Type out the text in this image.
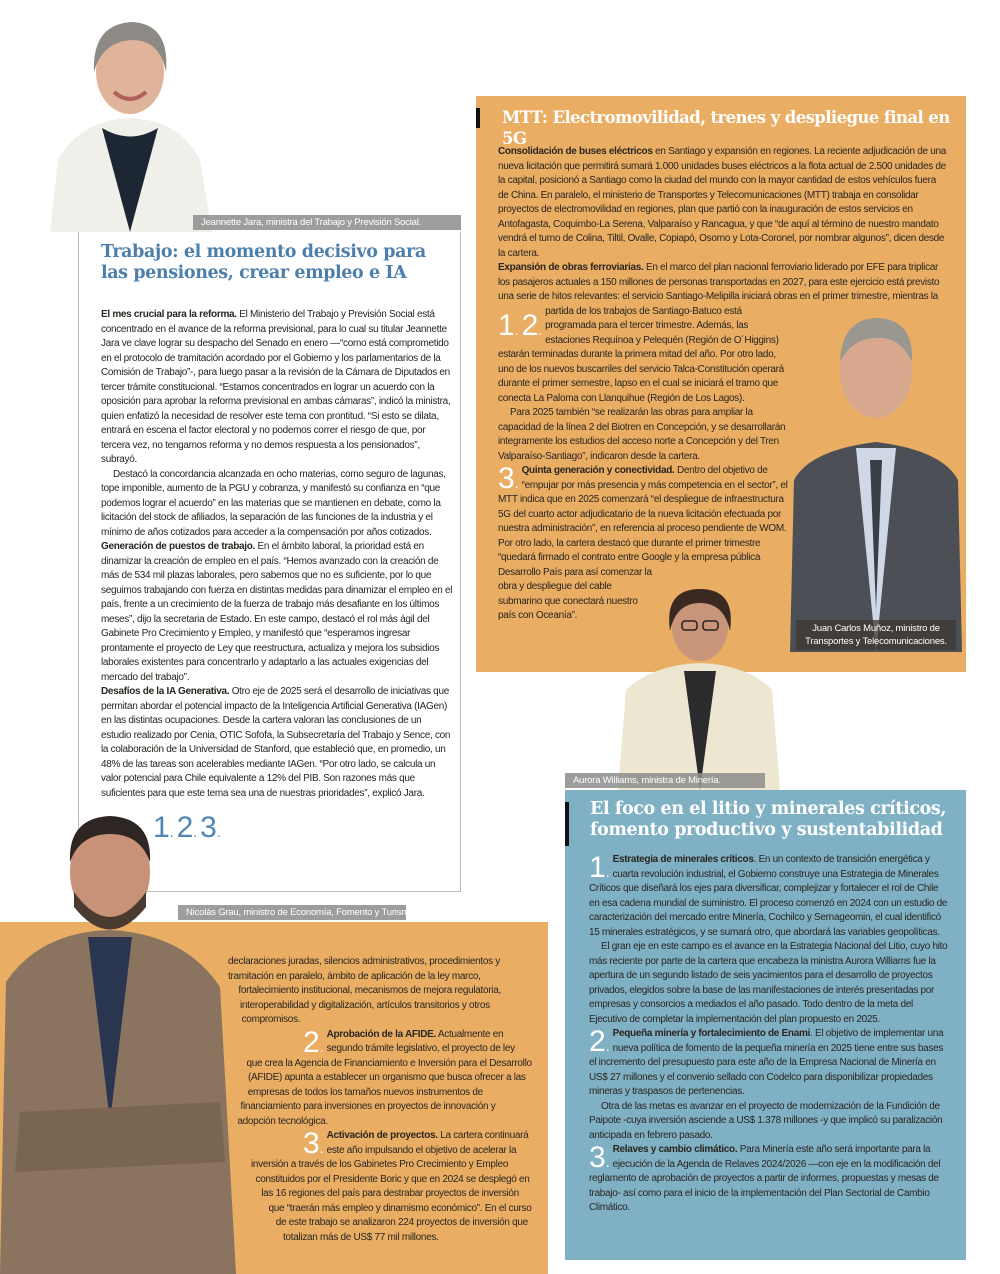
Jeannette Jara, ministra del Trabajo y Previsión Social.
Trabajo: el momento decisivo para
las pensiones, crear empleo e IA

1 .
El mes crucial para la reforma. El Ministerio del Trabajo y Previsión Social está concentrado en el avance de la reforma previsional, para lo cual su titular Jeannette Jara ve clave lograr su despacho del Senado en enero —“como está comprometido en el protocolo de tramitación acordado por el Gobierno y los parlamentarios de la Comisión de Trabajo”-, para luego pasar a la revisión de la Cámara de Diputados en tercer trámite constitucional. “Estamos concentrados en lograr un acuerdo con la oposición para aprobar la reforma previsional en ambas cámaras”, indicó la ministra, quien enfatizó la necesidad de resolver este tema con prontitud. “Si esto se dilata, entrará en escena el factor electoral y no podemos correr el riesgo de que, por tercera vez, no tengamos reforma y no demos respuesta a los pensionados”, subrayó.

Destacó la concordancia alcanzada en ocho materias, como seguro de lagunas, tope imponible, aumento de la PGU y cobranza, y manifestó su confianza en “que podemos lograr el acuerdo” en las materias que se mantienen en debate, como la licitación del stock de afiliados, la separación de las funciones de la industria y el mínimo de años cotizados para acceder a la compensación por años cotizados.

2 .
Generación de puestos de trabajo. En el ámbito laboral, la prioridad está en dinamizar la creación de empleo en el país. “Hemos avanzado con la creación de más de 534 mil plazas laborales, pero sabemos que no es suficiente, por lo que seguimos trabajando con fuerza en distintas medidas para dinamizar el empleo en el país, frente a un crecimiento de la fuerza de trabajo más desafiante en los últimos meses”, dijo la secretaria de Estado. En este campo, destacó el rol más ágil del Gabinete Pro Crecimiento y Empleo, y manifestó que “esperamos ingresar prontamente el proyecto de Ley que reestructura, actualiza y mejora los subsidios laborales existentes para concentrarlo y adaptarlo a las actuales exigencias del mercado del trabajo”.

3 .
Desafíos de la IA Generativa. Otro eje de 2025 será el desarrollo de iniciativas que permitan abordar el potencial impacto de la Inteligencia Artificial Generativa (IAGen) en las distintas ocupaciones. Desde la cartera valoran las conclusiones de un estudio realizado por Cenia, OTIC Sofofa, la Subsecretaría del Trabajo y Sence, con la colaboración de la Universidad de Stanford, que estableció que, en promedio, un 48% de las tareas son acelerables mediante IAGen. “Por otro lado, se calcula un valor potencial para Chile equivalente a 12% del PIB. Son razones más que suficientes para que este tema sea una de nuestras prioridades”, explicó Jara.

MTT: Electromovilidad, trenes y despliegue final en 5G

1 .
Consolidación de buses eléctricos en Santiago y expansión en regiones. La reciente adjudicación de una nueva licitación que permitirá sumará 1.000 unidades buses eléctricos a la flota actual de 2.500 unidades de la capital, posicionó a Santiago como la ciudad del mundo con la mayor cantidad de estos vehículos fuera de China. En paralelo, el ministerio de Transportes y Telecomunicaciones (MTT) trabaja en consolidar proyectos de electromovilidad en regiones, plan que partió con la inauguración de estos servicios en Antofagasta, Coquimbo-La Serena, Valparaíso y Rancagua, y que “de aquí al término de nuestro mandato vendrá el turno de Colina, Tiltil, Ovalle, Copiapó, Osorno y Lota-Coronel, por nombrar algunos”, dicen desde la cartera.

2 .
Expansión de obras ferroviarias. En el marco del plan nacional ferroviario liderado por EFE para triplicar los pasajeros actuales a 150 millones de personas transportadas en 2027, para este ejercicio está previsto una serie de hitos relevantes: el servicio Santiago-Melipilla iniciará obras en el primer trimestre, mientras la partida de los trabajos de Santiago-Batuco está programada para el tercer trimestre. Además, las estaciones Requínoa y Pelequén (Región de O´Higgins) estarán terminadas durante la primera mitad del año. Por otro lado, uno de los nuevos buscarriles del servicio Talca-Constitución operará durante el primer semestre, lapso en el cual se iniciará el tramo que conecta La Paloma con Llanquihue (Región de Los Lagos).

Para 2025 también “se realizarán las obras para ampliar la capacidad de la línea 2 del Biotren en Concepción, y se desarrollarán integramente los estudios del acceso norte a Concepción y del Tren Valparaíso-Santiago”, indicaron desde la cartera.

3 . Quinta generación y conectividad. Dentro del objetivo de “empujar por más presencia y más competencia en el sector”, el MTT indica que en 2025 comenzará “el despliegue de infraestructura 5G del cuarto actor adjudicatario de la nueva licitación efectuada por nuestra administración”, en referencia al proceso pendiente de WOM. Por otro lado, la cartera destacó que durante el primer trimestre “quedará firmado el contrato entre Google y la empresa pública Desarrollo País para así comenzar la obra y despliegue del cable submarino que conectará nuestro país con Oceanía”.

Juan Carlos Muñoz, ministro de Transportes y Telecomunicaciones.
Aurora Williams, ministra de Minería.
El foco en el litio y minerales críticos,
fomento productivo y sustentabilidad

1 . Estrategia de minerales críticos. En un contexto de transición energética y cuarta revolución industrial, el Gobierno construye una Estrategia de Minerales Críticos que diseñará los ejes para diversificar, complejizar y fortalecer el rol de Chile en esa cadena mundial de suministro. El proceso comenzó en 2024 con un estudio de caracterización del mercado entre Minería, Cochilco y Sernageomin, el cual identificó 15 minerales estratégicos, y se sumará otro, que abordará las variables geopolíticas.

El gran eje en este campo es el avance en la Estrategia Nacional del Litio, cuyo hito más reciente por parte de la cartera que encabeza la ministra Aurora Williams fue la apertura de un segundo listado de seis yacimientos para el desarrollo de proyectos privados, elegidos sobre la base de las manifestaciones de interés presentadas por empresas y consorcios a mediados el año pasado. Todo dentro de la meta del Ejecutivo de completar la implementación del plan propuesto en 2025.

2 . Pequeña minería y fortalecimiento de Enami. El objetivo de implementar una nueva política de fomento de la pequeña minería en 2025 tiene entre sus bases el incremento del presupuesto para este año de la Empresa Nacional de Minería en US$ 27 millones y el convenio sellado con Codelco para disponibilizar propiedades mineras y traspasos de pertenencias.

Otra de las metas es avanzar en el proyecto de modernización de la Fundición de Paipote -cuya inversión asciende a US$ 1.378 millones -y que implicó su paralización anticipada en febrero pasado.

3 . Relaves y cambio climático. Para Minería este año será importante para la ejecución de la Agenda de Relaves 2024/2026 —con eje en la modificación del reglamento de aprobación de proyectos a partir de informes, propuestas y mesas de trabajo- así como para el inicio de la implementación del Plan Sectorial de Cambio Climático.

Nicolás Grau, ministro de Economía, Fomento y Turismo.

declaraciones juradas, silencios administrativos, procedimientos y tramitación en paralelo, ámbito de aplicación de la ley marco, fortalecimiento institucional, mecanismos de mejora regulatoria, interoperabilidad y digitalización, artículos transitorios y otros compromisos.

2 . Aprobación de la AFIDE. Actualmente en segundo trámite legislativo, el proyecto de ley que crea la Agencia de Financiamiento e Inversión para el Desarrollo (AFIDE) apunta a establecer un organismo que busca ofrecer a las empresas de todos los tamaños nuevos instrumentos de financiamiento para inversiones en proyectos de innovación y adopción tecnológica.

3 . Activación de proyectos. La cartera continuará este año impulsando el objetivo de acelerar la inversión a través de los Gabinetes Pro Crecimiento y Empleo constituidos por el Presidente Boric y que en 2024 se desplegó en las 16 regiones del país para destrabar proyectos de inversión que “traerán más empleo y dinamismo económico”. En el curso de este trabajo se analizaron 224 proyectos de inversión que totalizan más de US$ 77 mil millones.
